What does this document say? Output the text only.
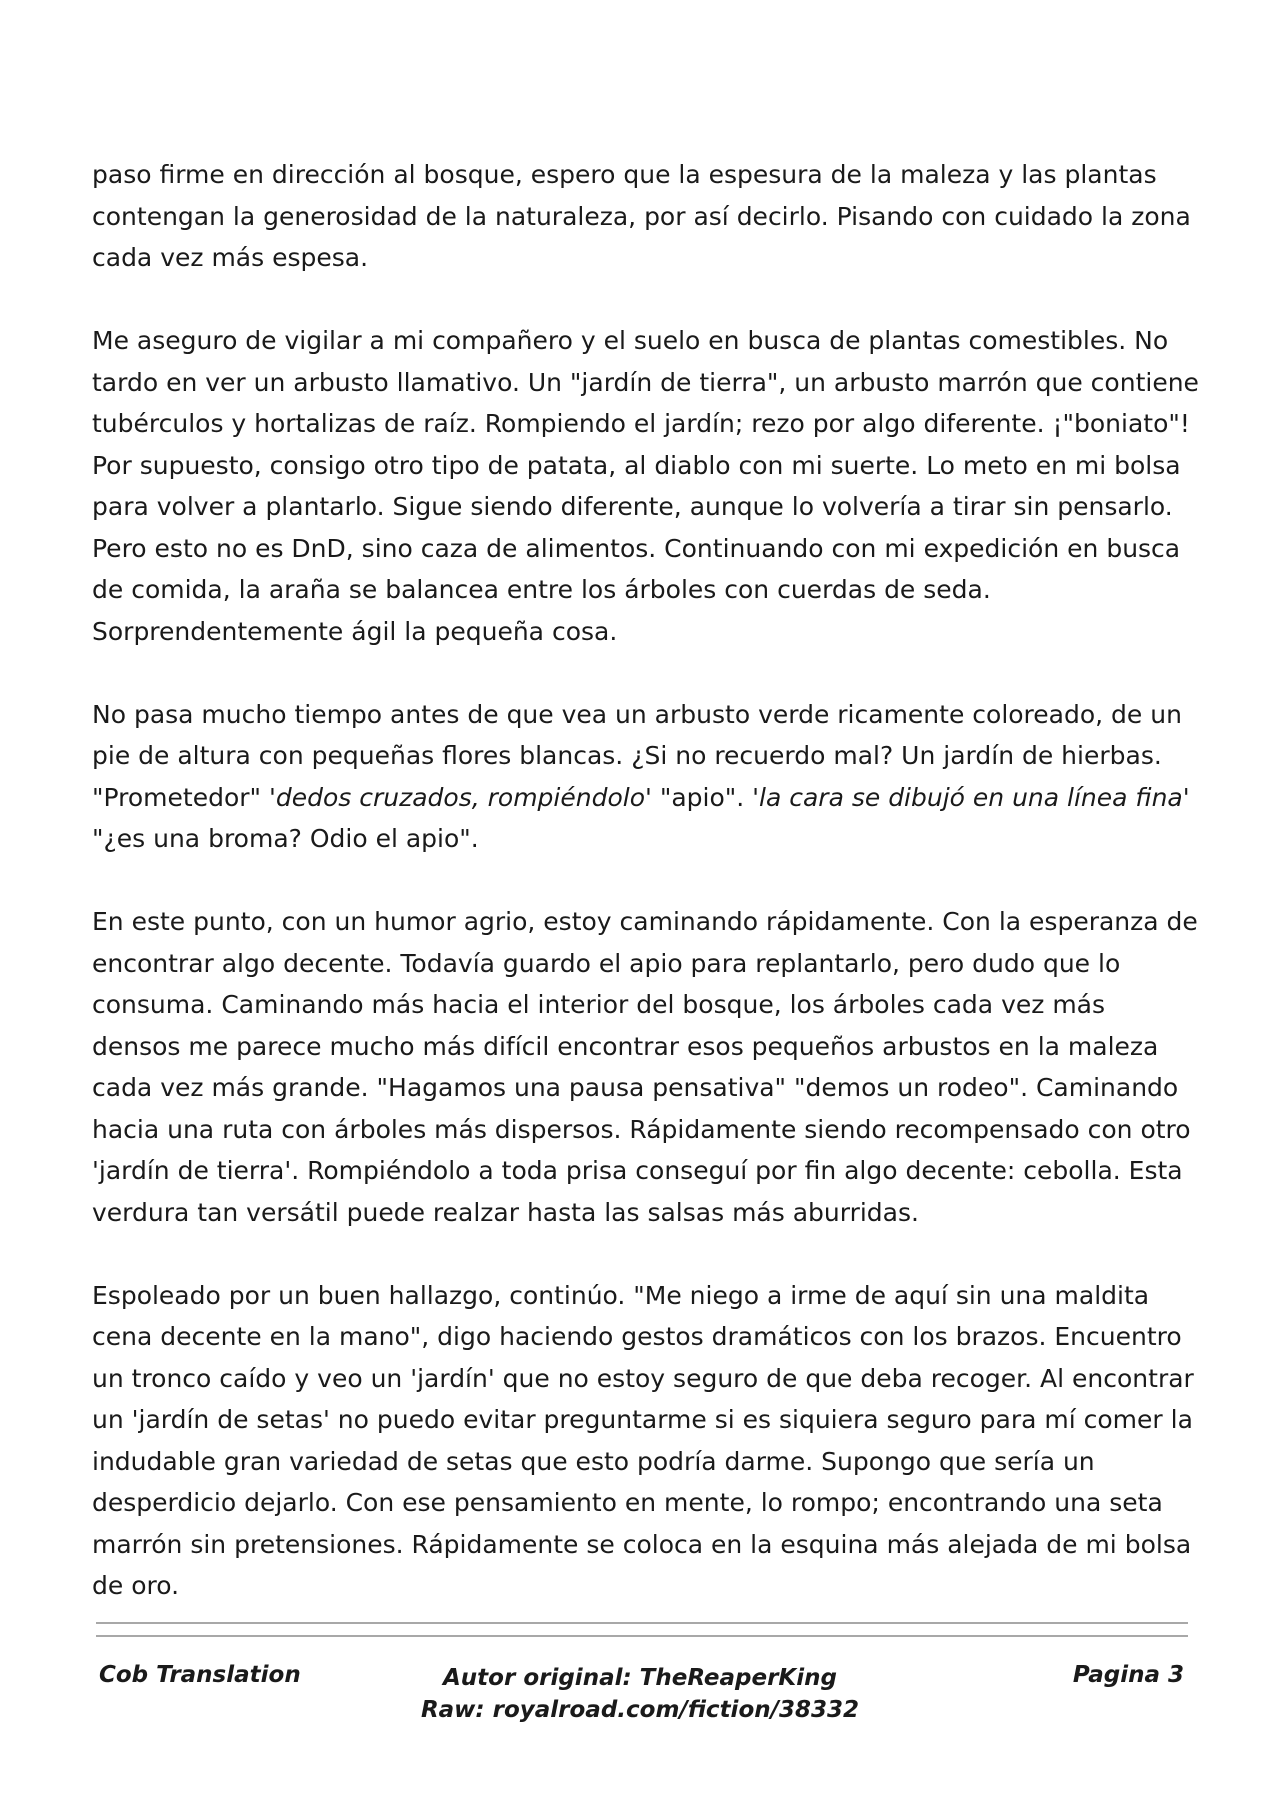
paso firme en dirección al bosque, espero que la espesura de la maleza y las plantas contengan la generosidad de la naturaleza, por así decirlo. Pisando con cuidado la zona cada vez más espesa.

Me aseguro de vigilar a mi compañero y el suelo en busca de plantas comestibles. No tardo en ver un arbusto llamativo. Un "jardín de tierra", un arbusto marrón que contiene tubérculos y hortalizas de raíz. Rompiendo el jardín; rezo por algo diferente. ¡"boniato"! Por supuesto, consigo otro tipo de patata, al diablo con mi suerte. Lo meto en mi bolsa para volver a plantarlo. Sigue siendo diferente, aunque lo volvería a tirar sin pensarlo. Pero esto no es DnD, sino caza de alimentos. Continuando con mi expedición en busca de comida, la araña se balancea entre los árboles con cuerdas de seda. Sorprendentemente ágil la pequeña cosa.

No pasa mucho tiempo antes de que vea un arbusto verde ricamente coloreado, de un pie de altura con pequeñas flores blancas. ¿Si no recuerdo mal? Un jardín de hierbas. "Prometedor" 'dedos cruzados, rompiéndolo' "apio". 'la cara se dibujó en una línea fina' "¿es una broma? Odio el apio".

En este punto, con un humor agrio, estoy caminando rápidamente. Con la esperanza de encontrar algo decente. Todavía guardo el apio para replantarlo, pero dudo que lo consuma. Caminando más hacia el interior del bosque, los árboles cada vez más densos me parece mucho más difícil encontrar esos pequeños arbustos en la maleza cada vez más grande. "Hagamos una pausa pensativa" "demos un rodeo". Caminando hacia una ruta con árboles más dispersos. Rápidamente siendo recompensado con otro 'jardín de tierra'. Rompiéndolo a toda prisa conseguí por fin algo decente: cebolla. Esta verdura tan versátil puede realzar hasta las salsas más aburridas.

Espoleado por un buen hallazgo, continúo. "Me niego a irme de aquí sin una maldita cena decente en la mano", digo haciendo gestos dramáticos con los brazos. Encuentro un tronco caído y veo un 'jardín' que no estoy seguro de que deba recoger. Al encontrar un 'jardín de setas' no puedo evitar preguntarme si es siquiera seguro para mí comer la indudable gran variedad de setas que esto podría darme. Supongo que sería un desperdicio dejarlo. Con ese pensamiento en mente, lo rompo; encontrando una seta marrón sin pretensiones. Rápidamente se coloca en la esquina más alejada de mi bolsa de oro.

Cob Translation	Autor original: TheReaperKing
Raw: royalroad.com/fiction/38332
Pagina 3
